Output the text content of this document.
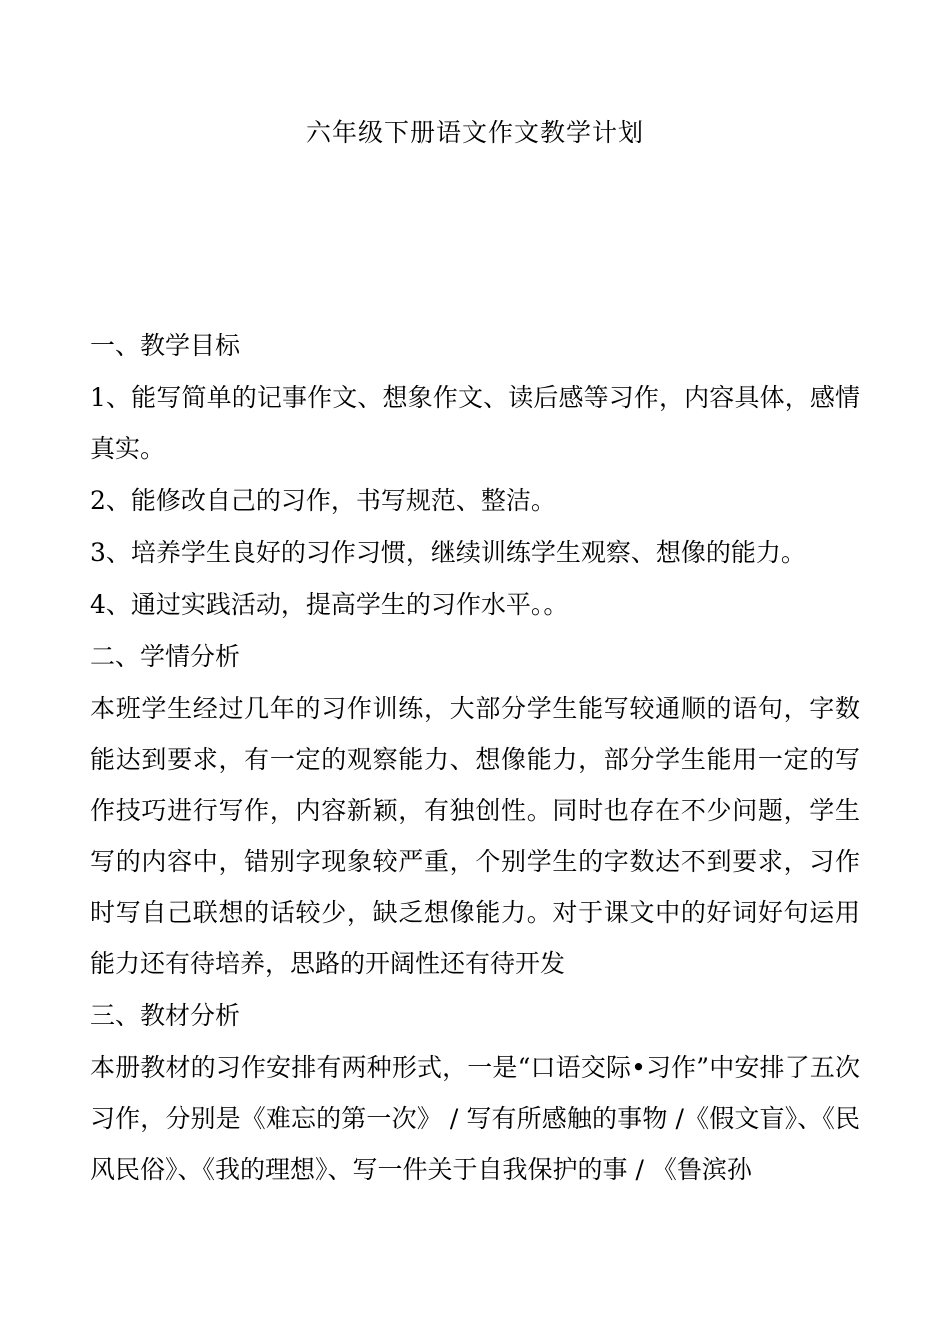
六年级下册语文作文教学计划

一、教学目标

1、能写简单的记事作文、想象作文、读后感等习作，内容具体，感情真实。

2、能修改自己的习作，书写规范、整洁。

3、培养学生良好的习作习惯，继续训练学生观察、想像的能力。

4、通过实践活动，提高学生的习作水平。。

二、学情分析

本班学生经过几年的习作训练，大部分学生能写较通顺的语句，字数能达到要求，有一定的观察能力、想像能力，部分学生能用一定的写作技巧进行写作，内容新颖，有独创性。同时也存在不少问题，学生写的内容中，错别字现象较严重，个别学生的字数达不到要求，习作时写自己联想的话较少，缺乏想像能力。对于课文中的好词好句运用能力还有待培养，思路的开阔性还有待开发

三、教材分析

本册教材的习作安排有两种形式，一是“口语交际•习作”中安排了五次习作，分别是《难忘的第一次》 / 写有所感触的事物 /《假文盲》、《民风民俗》、《我的理想》、写一件关于自我保护的事 / 《鲁滨孙
